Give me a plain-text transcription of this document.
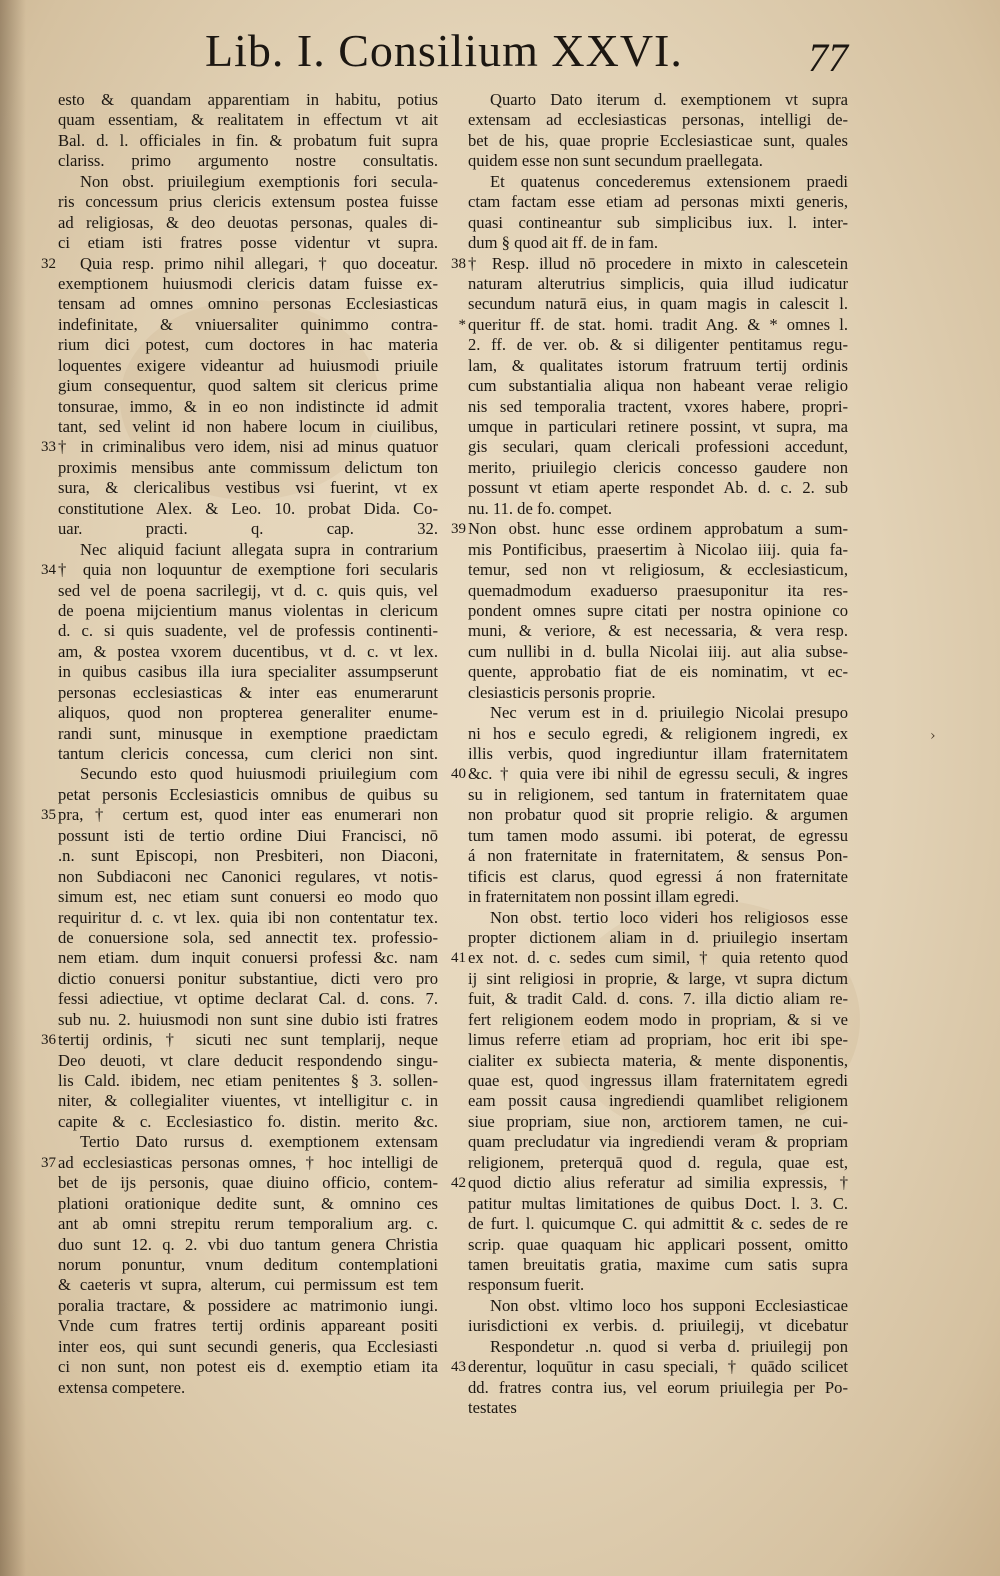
Lib. I. Consilium XXVI.	77
esto & quandam apparentiam in habitu, potius
quam essentiam, & realitatem in effectum vt ait
Bal. d. l. officiales in fin. & probatum fuit supra
clariss. primo argumento nostre consultatis.
Non obst. priuilegium exemptionis fori secula-
ris concessum prius clericis extensum postea fuisse
ad religiosas, & deo deuotas personas, quales di-
ci etiam isti fratres posse videntur vt supra.
Quia resp. primo nihil allegari, † quo doceatur.
32
exemptionem huiusmodi clericis datam fuisse ex-
tensam ad omnes omnino personas Ecclesiasticas
indefinitate, & vniuersaliter quinimmo contra-
rium dici potest, cum doctores in hac materia
loquentes exigere videantur ad huiusmodi priuile
gium consequentur, quod saltem sit clericus prime
tonsurae, immo, & in eo non indistincte id admit
tant, sed velint id non habere locum in ciuilibus,
† in criminalibus vero idem, nisi ad minus quatuor
33
proximis mensibus ante commissum delictum ton
sura, & clericalibus vestibus vsi fuerint, vt ex
constitutione Alex. & Leo. 10. probat Dida. Co-
uar. practi. q. cap. 32.
Nec aliquid faciunt allegata supra in contrarium
† quia non loquuntur de exemptione fori secularis
34
sed vel de poena sacrilegij, vt d. c. quis quis, vel
de poena mijcientium manus violentas in clericum
d. c. si quis suadente, vel de professis continenti-
am, & postea vxorem ducentibus, vt d. c. vt lex.
in quibus casibus illa iura specialiter assumpserunt
personas ecclesiasticas & inter eas enumerarunt
aliquos, quod non propterea generaliter enume-
randi sunt, minusque in exemptione praedictam
tantum clericis concessa, cum clerici non sint.
Secundo esto quod huiusmodi priuilegium com
petat personis Ecclesiasticis omnibus de quibus su
pra, † certum est, quod inter eas enumerari non
35
possunt isti de tertio ordine Diui Francisci, nō
.n. sunt Episcopi, non Presbiteri, non Diaconi,
non Subdiaconi nec Canonici regulares, vt notis-
simum est, nec etiam sunt conuersi eo modo quo
requiritur d. c. vt lex. quia ibi non contentatur tex.
de conuersione sola, sed annectit tex. professio-
nem etiam. dum inquit conuersi professi &c. nam
dictio conuersi ponitur substantiue, dicti vero pro
fessi adiectiue, vt optime declarat Cal. d. cons. 7.
sub nu. 2. huiusmodi non sunt sine dubio isti fratres
tertij ordinis, † sicuti nec sunt templarij, neque
36
Deo deuoti, vt clare deducit respondendo singu-
lis Cald. ibidem, nec etiam penitentes § 3. sollen-
niter, & collegialiter viuentes, vt intelligitur c. in
capite & c. Ecclesiastico fo. distin. merito &c.
Tertio Dato rursus d. exemptionem extensam
ad ecclesiasticas personas omnes, † hoc intelligi de
37
bet de ijs personis, quae diuino officio, contem-
plationi orationique dedite sunt, & omnino ces
ant ab omni strepitu rerum temporalium arg. c.
duo sunt 12. q. 2. vbi duo tantum genera Christia
norum ponuntur, vnum deditum contemplationi
& caeteris vt supra, alterum, cui permissum est tem
poralia tractare, & possidere ac matrimonio iungi.
Vnde cum fratres tertij ordinis appareant positi
inter eos, qui sunt secundi generis, qua Ecclesiasti
ci non sunt, non potest eis d. exemptio etiam ita
extensa competere.
Quarto Dato iterum d. exemptionem vt supra
extensam ad ecclesiasticas personas, intelligi de-
bet de his, quae proprie Ecclesiasticae sunt, quales
quidem esse non sunt secundum praellegata.
Et quatenus concederemus extensionem praedi
ctam factam esse etiam ad personas mixti generis,
quasi contineantur sub simplicibus iux. l. inter-
dum § quod ait ff. de in fam.
† Resp. illud nō procedere in mixto in calescetein
38
naturam alterutrius simplicis, quia illud iudicatur
secundum naturā eius, in quam magis in calescit l.
queritur ff. de stat. homi. tradit Ang. & * omnes l.
*
2. ff. de ver. ob. & si diligenter pentitamus regu-
lam, & qualitates istorum fratruum tertij ordinis
cum substantialia aliqua non habeant verae religio
nis sed temporalia tractent, vxores habere, propri-
umque in particulari retinere possint, vt supra, ma
gis seculari, quam clericali professioni accedunt,
merito, priuilegio clericis concesso gaudere non
possunt vt etiam aperte respondet Ab. d. c. 2. sub
nu. 11. de fo. compet.
Non obst. hunc esse ordinem approbatum a sum-
39
mis Pontificibus, praesertim à Nicolao iiij. quia fa-
temur, sed non vt religiosum, & ecclesiasticum,
quemadmodum exaduerso praesuponitur ita res-
pondent omnes supre citati per nostra opinione co
muni, & veriore, & est necessaria, & vera resp.
cum nullibi in d. bulla Nicolai iiij. aut alia subse-
quente, approbatio fiat de eis nominatim, vt ec-
clesiasticis personis proprie.
Nec verum est in d. priuilegio Nicolai presupo
ni hos e seculo egredi, & religionem ingredi, ex
illis verbis, quod ingrediuntur illam fraternitatem
&c. † quia vere ibi nihil de egressu seculi, & ingres
40
su in religionem, sed tantum in fraternitatem quae
non probatur quod sit proprie religio. & argumen
tum tamen modo assumi. ibi poterat, de egressu
á non fraternitate in fraternitatem, & sensus Pon-
tificis est clarus, quod egressi á non fraternitate
in fraternitatem non possint illam egredi.
Non obst. tertio loco videri hos religiosos esse
propter dictionem aliam in d. priuilegio insertam
ex not. d. c. sedes cum simil, † quia retento quod
41
ij sint religiosi in proprie, & large, vt supra dictum
fuit, & tradit Cald. d. cons. 7. illa dictio aliam re-
fert religionem eodem modo in propriam, & si ve
limus referre etiam ad propriam, hoc erit ibi spe-
cialiter ex subiecta materia, & mente disponentis,
quae est, quod ingressus illam fraternitatem egredi
eam possit causa ingrediendi quamlibet religionem
siue propriam, siue non, arctiorem tamen, ne cui-
quam precludatur via ingrediendi veram & propriam
religionem, preterquā quod d. regula, quae est,
quod dictio alius referatur ad similia expressis, †
42
patitur multas limitationes de quibus Doct. l. 3. C.
de furt. l. quicumque C. qui admittit & c. sedes de re
scrip. quae quaquam hic applicari possent, omitto
tamen breuitatis gratia, maxime cum satis supra
responsum fuerit.
Non obst. vltimo loco hos supponi Ecclesiasticae
iurisdictioni ex verbis. d. priuilegij, vt dicebatur
Respondetur .n. quod si verba d. priuilegij pon
derentur, loquūtur in casu speciali, † quādo scilicet
43
dd. fratres contra ius, vel eorum priuilegia per Po-
testates
›
